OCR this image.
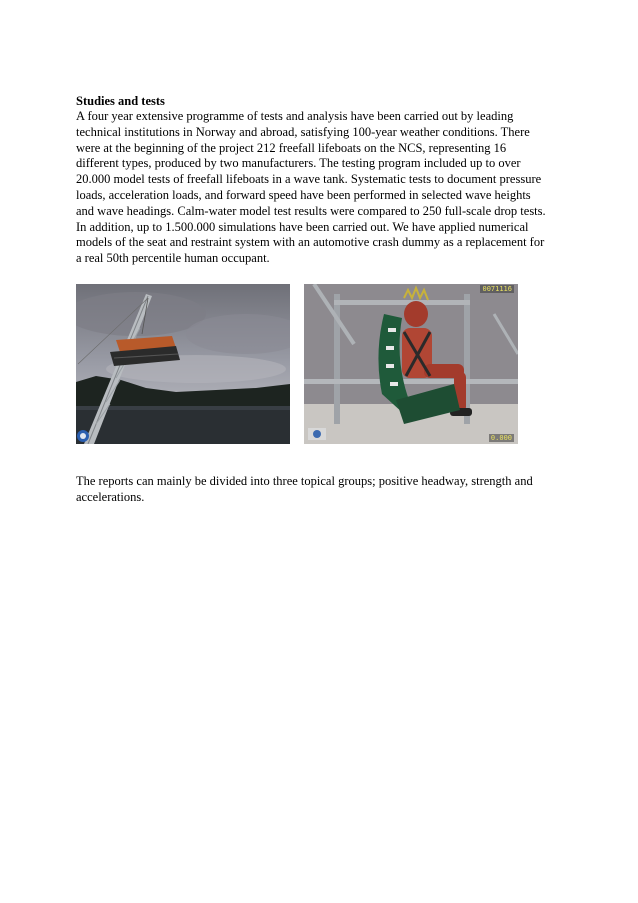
Studies and tests

A four year extensive programme of tests and analysis have been carried out by leading
technical institutions in Norway and abroad, satisfying 100-year weather conditions. There
were at the beginning of the project 212 freefall lifeboats on the NCS, representing 16
different types, produced by two manufacturers. The testing program included up to over
20.000 model tests of freefall lifeboats in a wave tank. Systematic tests to document pressure
loads, acceleration loads, and forward speed have been performed in selected wave heights
and wave headings. Calm-water model test results were compared to 250 full-scale drop tests.
In addition, up to 1.500.000 simulations have been carried out. We have applied numerical
models of the seat and restraint system with an automotive crash dummy as a replacement for
a real 50th percentile human occupant.

0071116
0.000

The reports can mainly be divided into three topical groups; positive headway, strength and
accelerations.
